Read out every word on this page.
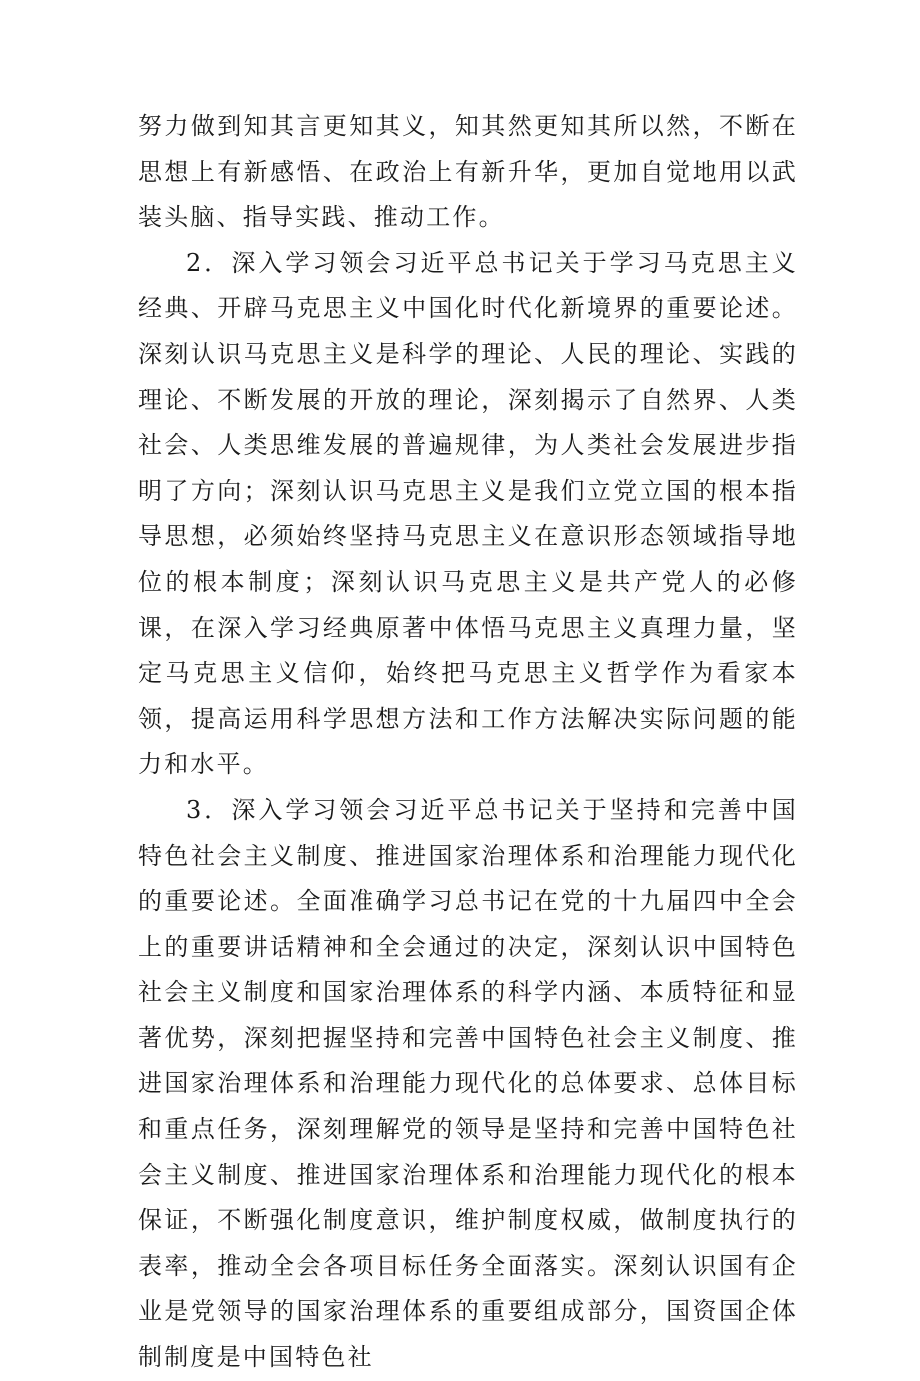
努力做到知其言更知其义，知其然更知其所以然，不断在思想上有新感悟、在政治上有新升华，更加自觉地用以武装头脑、指导实践、推动工作。

2．深入学习领会习近平总书记关于学习马克思主义经典、开辟马克思主义中国化时代化新境界的重要论述。深刻认识马克思主义是科学的理论、人民的理论、实践的理论、不断发展的开放的理论，深刻揭示了自然界、人类社会、人类思维发展的普遍规律，为人类社会发展进步指明了方向；深刻认识马克思主义是我们立党立国的根本指导思想，必须始终坚持马克思主义在意识形态领域指导地位的根本制度；深刻认识马克思主义是共产党人的必修课，在深入学习经典原著中体悟马克思主义真理力量，坚定马克思主义信仰，始终把马克思主义哲学作为看家本领，提高运用科学思想方法和工作方法解决实际问题的能力和水平。

3．深入学习领会习近平总书记关于坚持和完善中国特色社会主义制度、推进国家治理体系和治理能力现代化的重要论述。全面准确学习总书记在党的十九届四中全会上的重要讲话精神和全会通过的决定，深刻认识中国特色社会主义制度和国家治理体系的科学内涵、本质特征和显著优势，深刻把握坚持和完善中国特色社会主义制度、推进国家治理体系和治理能力现代化的总体要求、总体目标和重点任务，深刻理解党的领导是坚持和完善中国特色社会主义制度、推进国家治理体系和治理能力现代化的根本保证，不断强化制度意识，维护制度权威，做制度执行的表率，推动全会各项目标任务全面落实。深刻认识国有企业是党领导的国家治理体系的重要组成部分，国资国企体制制度是中国特色社
